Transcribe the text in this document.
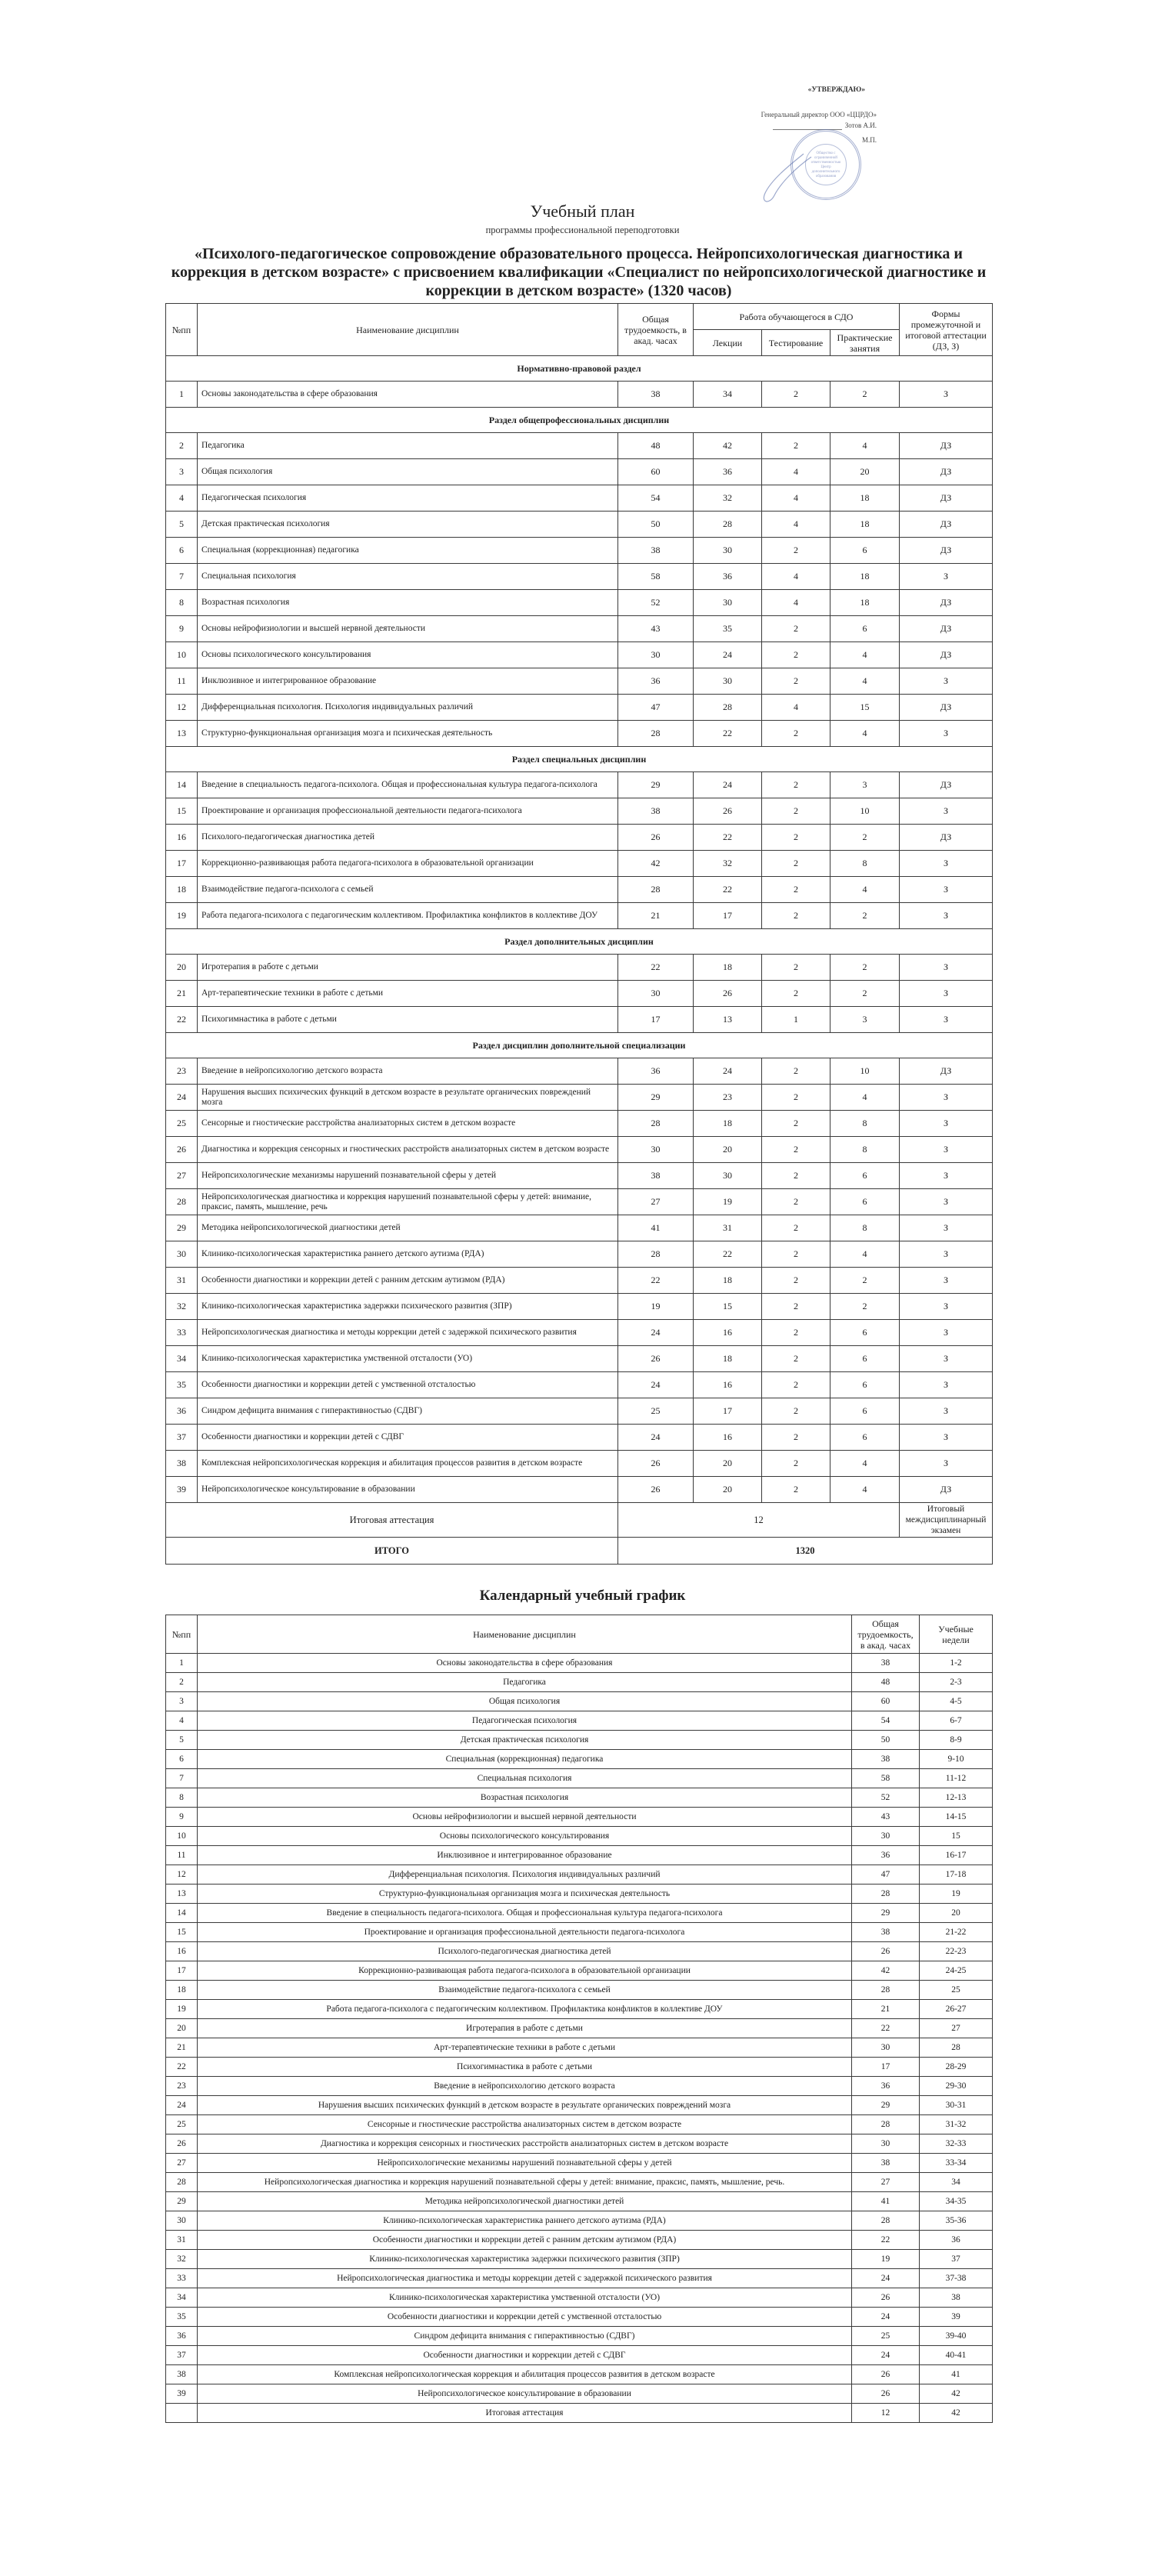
«УТВЕРЖДАЮ»
Генеральный директор ООО «ЦЦРДО»
Зотов А.И.
М.П.
Общество с ограниченной ответственностью Центр дополнительного образования
Учебный план
программы профессиональной переподготовки
«Психолого-педагогическое сопровождение образовательного процесса. Нейропсихологическая диагностика и коррекция в детском возрасте» с присвоением квалификации «Специалист по нейропсихологической диагностике и коррекции в детском возрасте» (1320 часов)
№пп	Наименование дисциплин	Общая трудоемкость, в акад. часах	Работа обучающегося в СДО			Формы промежуточной и итоговой аттестации (ДЗ, З)
			Лекции	Тестирование	Практические занятия	
Нормативно-правовой раздел						
1	Основы законодательства в сфере образования	38	34	2	2	З
Раздел общепрофессиональных дисциплин						
2	Педагогика	48	42	2	4	ДЗ
3	Общая психология	60	36	4	20	ДЗ
4	Педагогическая психология	54	32	4	18	ДЗ
5	Детская практическая психология	50	28	4	18	ДЗ
6	Специальная (коррекционная) педагогика	38	30	2	6	ДЗ
7	Специальная психология	58	36	4	18	З
8	Возрастная психология	52	30	4	18	ДЗ
9	Основы нейрофизиологии и высшей нервной деятельности	43	35	2	6	ДЗ
10	Основы психологического консультирования	30	24	2	4	ДЗ
11	Инклюзивное и интегрированное образование	36	30	2	4	З
12	Дифференциальная психология. Психология индивидуальных различий	47	28	4	15	ДЗ
13	Структурно-функциональная организация мозга и психическая деятельность	28	22	2	4	З
Раздел специальных дисциплин						
14	Введение в специальность педагога-психолога. Общая и профессиональная культура педагога-психолога	29	24	2	3	ДЗ
15	Проектирование и организация профессиональной деятельности педагога-психолога	38	26	2	10	З
16	Психолого-педагогическая диагностика детей	26	22	2	2	ДЗ
17	Коррекционно-развивающая работа педагога-психолога в образовательной организации	42	32	2	8	З
18	Взаимодействие педагога-психолога с семьей	28	22	2	4	З
19	Работа педагога-психолога с педагогическим коллективом. Профилактика конфликтов в коллективе ДОУ	21	17	2	2	З
Раздел дополнительных дисциплин						
20	Игротерапия в работе с детьми	22	18	2	2	З
21	Арт-терапевтические техники в работе с детьми	30	26	2	2	З
22	Психогимнастика в работе с детьми	17	13	1	3	З
Раздел дисциплин дополнительной специализации						
23	Введение в нейропсихологию детского возраста	36	24	2	10	ДЗ
24	Нарушения высших психических функций в детском возрасте в результате органических повреждений мозга	29	23	2	4	З
25	Сенсорные и гностические расстройства анализаторных систем в детском возрасте	28	18	2	8	З
26	Диагностика и коррекция сенсорных и гностических расстройств анализаторных систем в детском возрасте	30	20	2	8	З
27	Нейропсихологические механизмы нарушений познавательной сферы у детей	38	30	2	6	З
28	Нейропсихологическая диагностика и коррекция нарушений познавательной сферы у детей: внимание, праксис, память, мышление, речь	27	19	2	6	З
29	Методика нейропсихологической диагностики детей	41	31	2	8	З
30	Клинико-психологическая характеристика раннего детского аутизма (РДА)	28	22	2	4	З
31	Особенности диагностики и коррекции детей с ранним детским аутизмом (РДА)	22	18	2	2	З
32	Клинико-психологическая характеристика задержки психического развития (ЗПР)	19	15	2	2	З
33	Нейропсихологическая диагностика и методы коррекции детей с задержкой психического развития	24	16	2	6	З
34	Клинико-психологическая характеристика умственной отсталости (УО)	26	18	2	6	З
35	Особенности диагностики и коррекции детей с умственной отсталостью	24	16	2	6	З
36	Синдром дефицита внимания с гиперактивностью (СДВГ)	25	17	2	6	З
37	Особенности диагностики и коррекции детей с СДВГ	24	16	2	6	З
38	Комплексная нейропсихологическая коррекция и абилитация процессов развития в детском возрасте	26	20	2	4	З
39	Нейропсихологическое консультирование в образовании	26	20	2	4	ДЗ
Итоговая аттестация		12				Итоговый междисциплинарный экзамен
ИТОГО		1320				
Календарный учебный график
№пп	Наименование дисциплин	Общая трудоемкость, в акад. часах	Учебные недели
1	Основы законодательства в сфере образования	38	1-2
2	Педагогика	48	2-3
3	Общая психология	60	4-5
4	Педагогическая психология	54	6-7
5	Детская практическая психология	50	8-9
6	Специальная (коррекционная) педагогика	38	9-10
7	Специальная психология	58	11-12
8	Возрастная психология	52	12-13
9	Основы нейрофизиологии и высшей нервной деятельности	43	14-15
10	Основы психологического консультирования	30	15
11	Инклюзивное и интегрированное образование	36	16-17
12	Дифференциальная психология. Психология индивидуальных различий	47	17-18
13	Структурно-функциональная организация мозга и психическая деятельность	28	19
14	Введение в специальность педагога-психолога. Общая и профессиональная культура педагога-психолога	29	20
15	Проектирование и организация профессиональной деятельности педагога-психолога	38	21-22
16	Психолого-педагогическая диагностика детей	26	22-23
17	Коррекционно-развивающая работа педагога-психолога в образовательной организации	42	24-25
18	Взаимодействие педагога-психолога с семьей	28	25
19	Работа педагога-психолога с педагогическим коллективом. Профилактика конфликтов в коллективе ДОУ	21	26-27
20	Игротерапия в работе с детьми	22	27
21	Арт-терапевтические техники в работе с детьми	30	28
22	Психогимнастика в работе с детьми	17	28-29
23	Введение в нейропсихологию детского возраста	36	29-30
24	Нарушения высших психических функций в детском возрасте в результате органических повреждений мозга	29	30-31
25	Сенсорные и гностические расстройства анализаторных систем в детском возрасте	28	31-32
26	Диагностика и коррекция сенсорных и гностических расстройств анализаторных систем в детском возрасте	30	32-33
27	Нейропсихологические механизмы нарушений познавательной сферы у детей	38	33-34
28	Нейропсихологическая диагностика и коррекция нарушений познавательной сферы у детей: внимание, праксис, память, мышление, речь.	27	34
29	Методика нейропсихологической диагностики детей	41	34-35
30	Клинико-психологическая характеристика раннего детского аутизма (РДА)	28	35-36
31	Особенности диагностики и коррекции детей с ранним детским аутизмом (РДА)	22	36
32	Клинико-психологическая характеристика задержки психического развития (ЗПР)	19	37
33	Нейропсихологическая диагностика и методы коррекции детей с задержкой психического развития	24	37-38
34	Клинико-психологическая характеристика умственной отсталости (УО)	26	38
35	Особенности диагностики и коррекции детей с умственной отсталостью	24	39
36	Синдром дефицита внимания с гиперактивностью (СДВГ)	25	39-40
37	Особенности диагностики и коррекции детей с СДВГ	24	40-41
38	Комплексная нейропсихологическая коррекция и абилитация процессов развития в детском возрасте	26	41
39	Нейропсихологическое консультирование в образовании	26	42
	Итоговая аттестация	12	42
